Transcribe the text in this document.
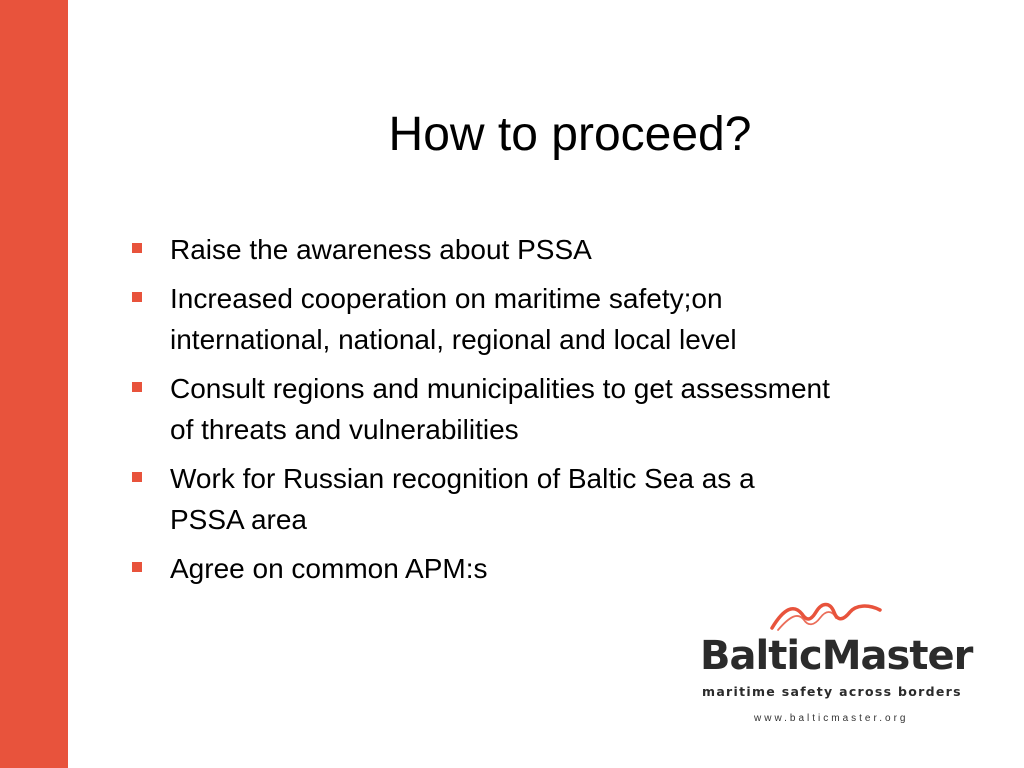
How to proceed?
Raise the awareness about PSSA
Increased cooperation on maritime safety;on
international, national, regional and local level
Consult regions and municipalities to get assessment
of threats and vulnerabilities
Work for Russian recognition of Baltic Sea as a
PSSA area
Agree on common APM:s
BalticMaster
maritime safety across borders
www.balticmaster.org
